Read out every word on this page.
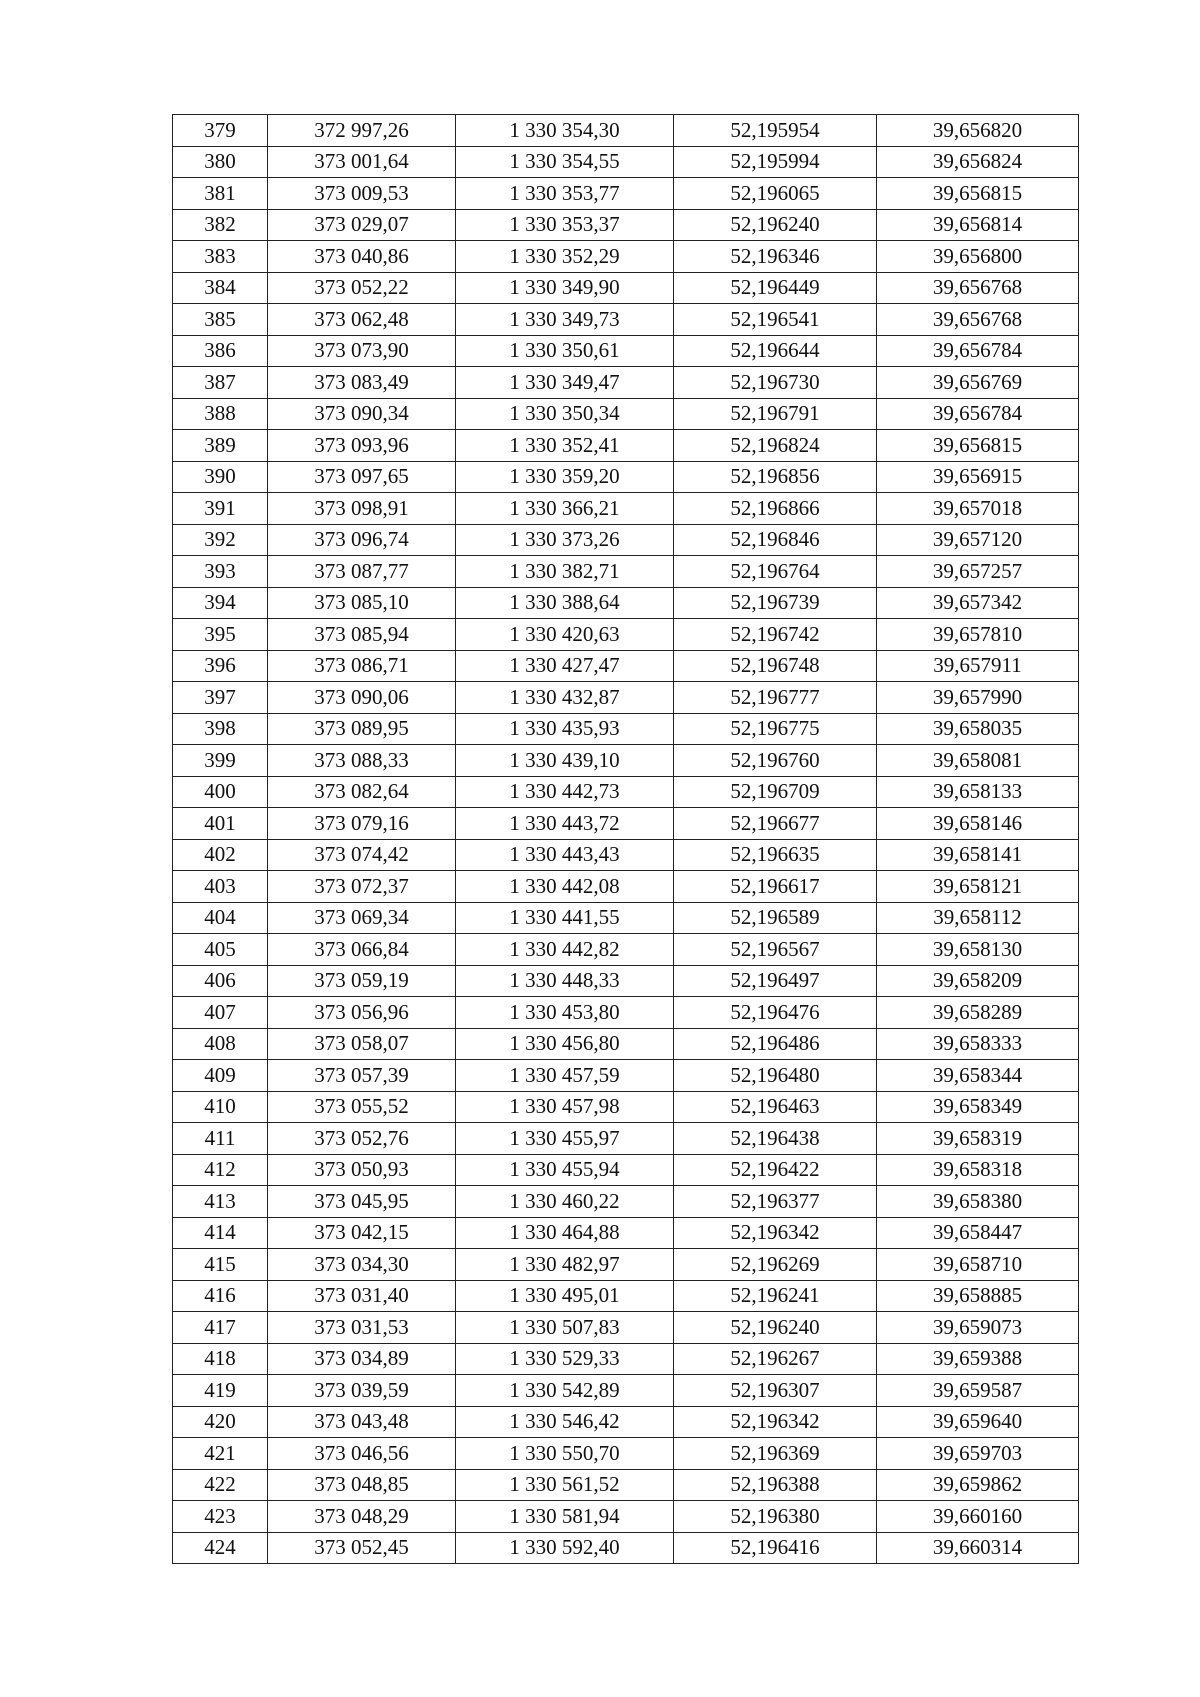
379	372 997,26	1 330 354,30	52,195954	39,656820
380	373 001,64	1 330 354,55	52,195994	39,656824
381	373 009,53	1 330 353,77	52,196065	39,656815
382	373 029,07	1 330 353,37	52,196240	39,656814
383	373 040,86	1 330 352,29	52,196346	39,656800
384	373 052,22	1 330 349,90	52,196449	39,656768
385	373 062,48	1 330 349,73	52,196541	39,656768
386	373 073,90	1 330 350,61	52,196644	39,656784
387	373 083,49	1 330 349,47	52,196730	39,656769
388	373 090,34	1 330 350,34	52,196791	39,656784
389	373 093,96	1 330 352,41	52,196824	39,656815
390	373 097,65	1 330 359,20	52,196856	39,656915
391	373 098,91	1 330 366,21	52,196866	39,657018
392	373 096,74	1 330 373,26	52,196846	39,657120
393	373 087,77	1 330 382,71	52,196764	39,657257
394	373 085,10	1 330 388,64	52,196739	39,657342
395	373 085,94	1 330 420,63	52,196742	39,657810
396	373 086,71	1 330 427,47	52,196748	39,657911
397	373 090,06	1 330 432,87	52,196777	39,657990
398	373 089,95	1 330 435,93	52,196775	39,658035
399	373 088,33	1 330 439,10	52,196760	39,658081
400	373 082,64	1 330 442,73	52,196709	39,658133
401	373 079,16	1 330 443,72	52,196677	39,658146
402	373 074,42	1 330 443,43	52,196635	39,658141
403	373 072,37	1 330 442,08	52,196617	39,658121
404	373 069,34	1 330 441,55	52,196589	39,658112
405	373 066,84	1 330 442,82	52,196567	39,658130
406	373 059,19	1 330 448,33	52,196497	39,658209
407	373 056,96	1 330 453,80	52,196476	39,658289
408	373 058,07	1 330 456,80	52,196486	39,658333
409	373 057,39	1 330 457,59	52,196480	39,658344
410	373 055,52	1 330 457,98	52,196463	39,658349
411	373 052,76	1 330 455,97	52,196438	39,658319
412	373 050,93	1 330 455,94	52,196422	39,658318
413	373 045,95	1 330 460,22	52,196377	39,658380
414	373 042,15	1 330 464,88	52,196342	39,658447
415	373 034,30	1 330 482,97	52,196269	39,658710
416	373 031,40	1 330 495,01	52,196241	39,658885
417	373 031,53	1 330 507,83	52,196240	39,659073
418	373 034,89	1 330 529,33	52,196267	39,659388
419	373 039,59	1 330 542,89	52,196307	39,659587
420	373 043,48	1 330 546,42	52,196342	39,659640
421	373 046,56	1 330 550,70	52,196369	39,659703
422	373 048,85	1 330 561,52	52,196388	39,659862
423	373 048,29	1 330 581,94	52,196380	39,660160
424	373 052,45	1 330 592,40	52,196416	39,660314
